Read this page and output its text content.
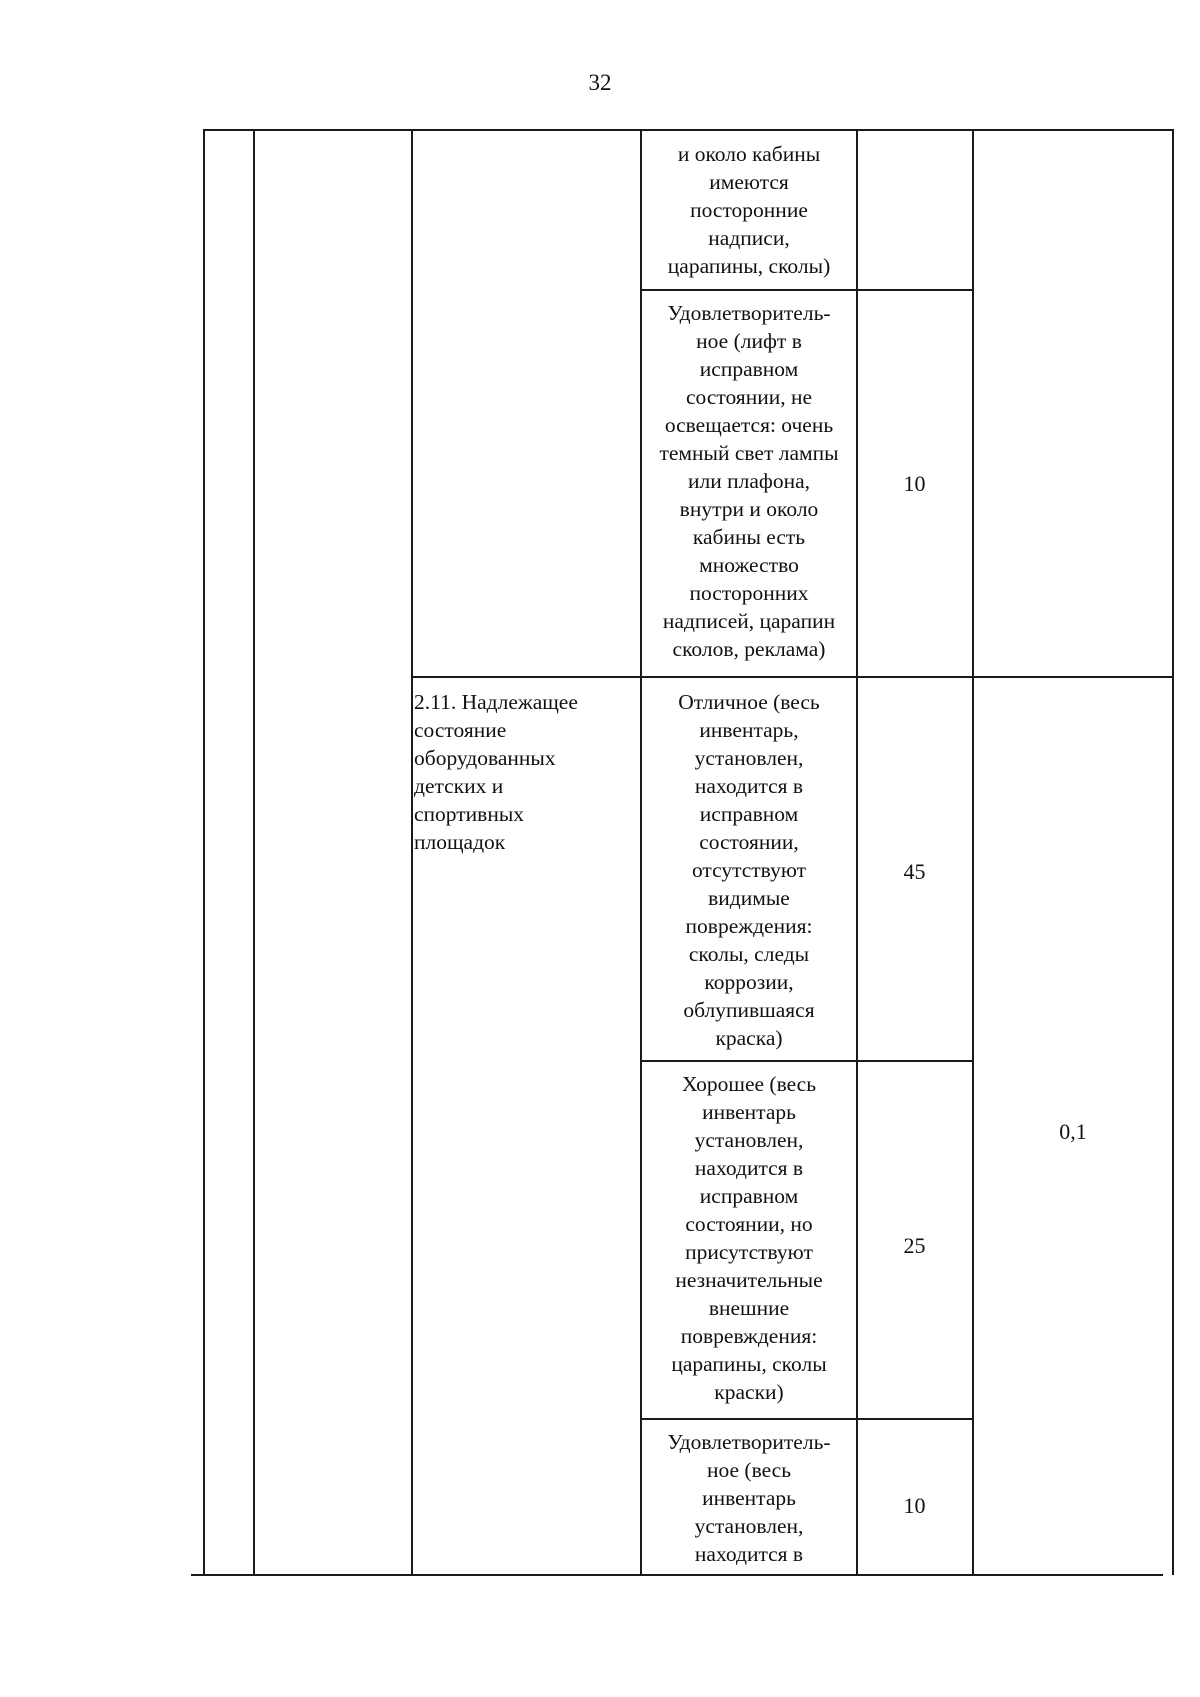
32
и около кабины
имеются
посторонние
надписи,
царапины, сколы)
Удовлетворитель-
ное (лифт в
исправном
состоянии, не
освещается: очень
темный свет лампы
или плафона,
внутри и около
кабины есть
множество
посторонних
надписей, царапин
сколов, реклама)
10
2.11. Надлежащее
состояние
оборудованных
детских и
спортивных
площадок
Отличное (весь
инвентарь,
установлен,
находится в
исправном
состоянии,
отсутствуют
видимые
повреждения:
сколы, следы
коррозии,
облупившаяся
краска)
45
Хорошее (весь
инвентарь
установлен,
находится в
исправном
состоянии, но
присутствуют
незначительные
внешние
повревждения:
царапины, сколы
краски)
25
Удовлетворитель-
ное (весь
инвентарь
установлен,
находится в
10
0,1
